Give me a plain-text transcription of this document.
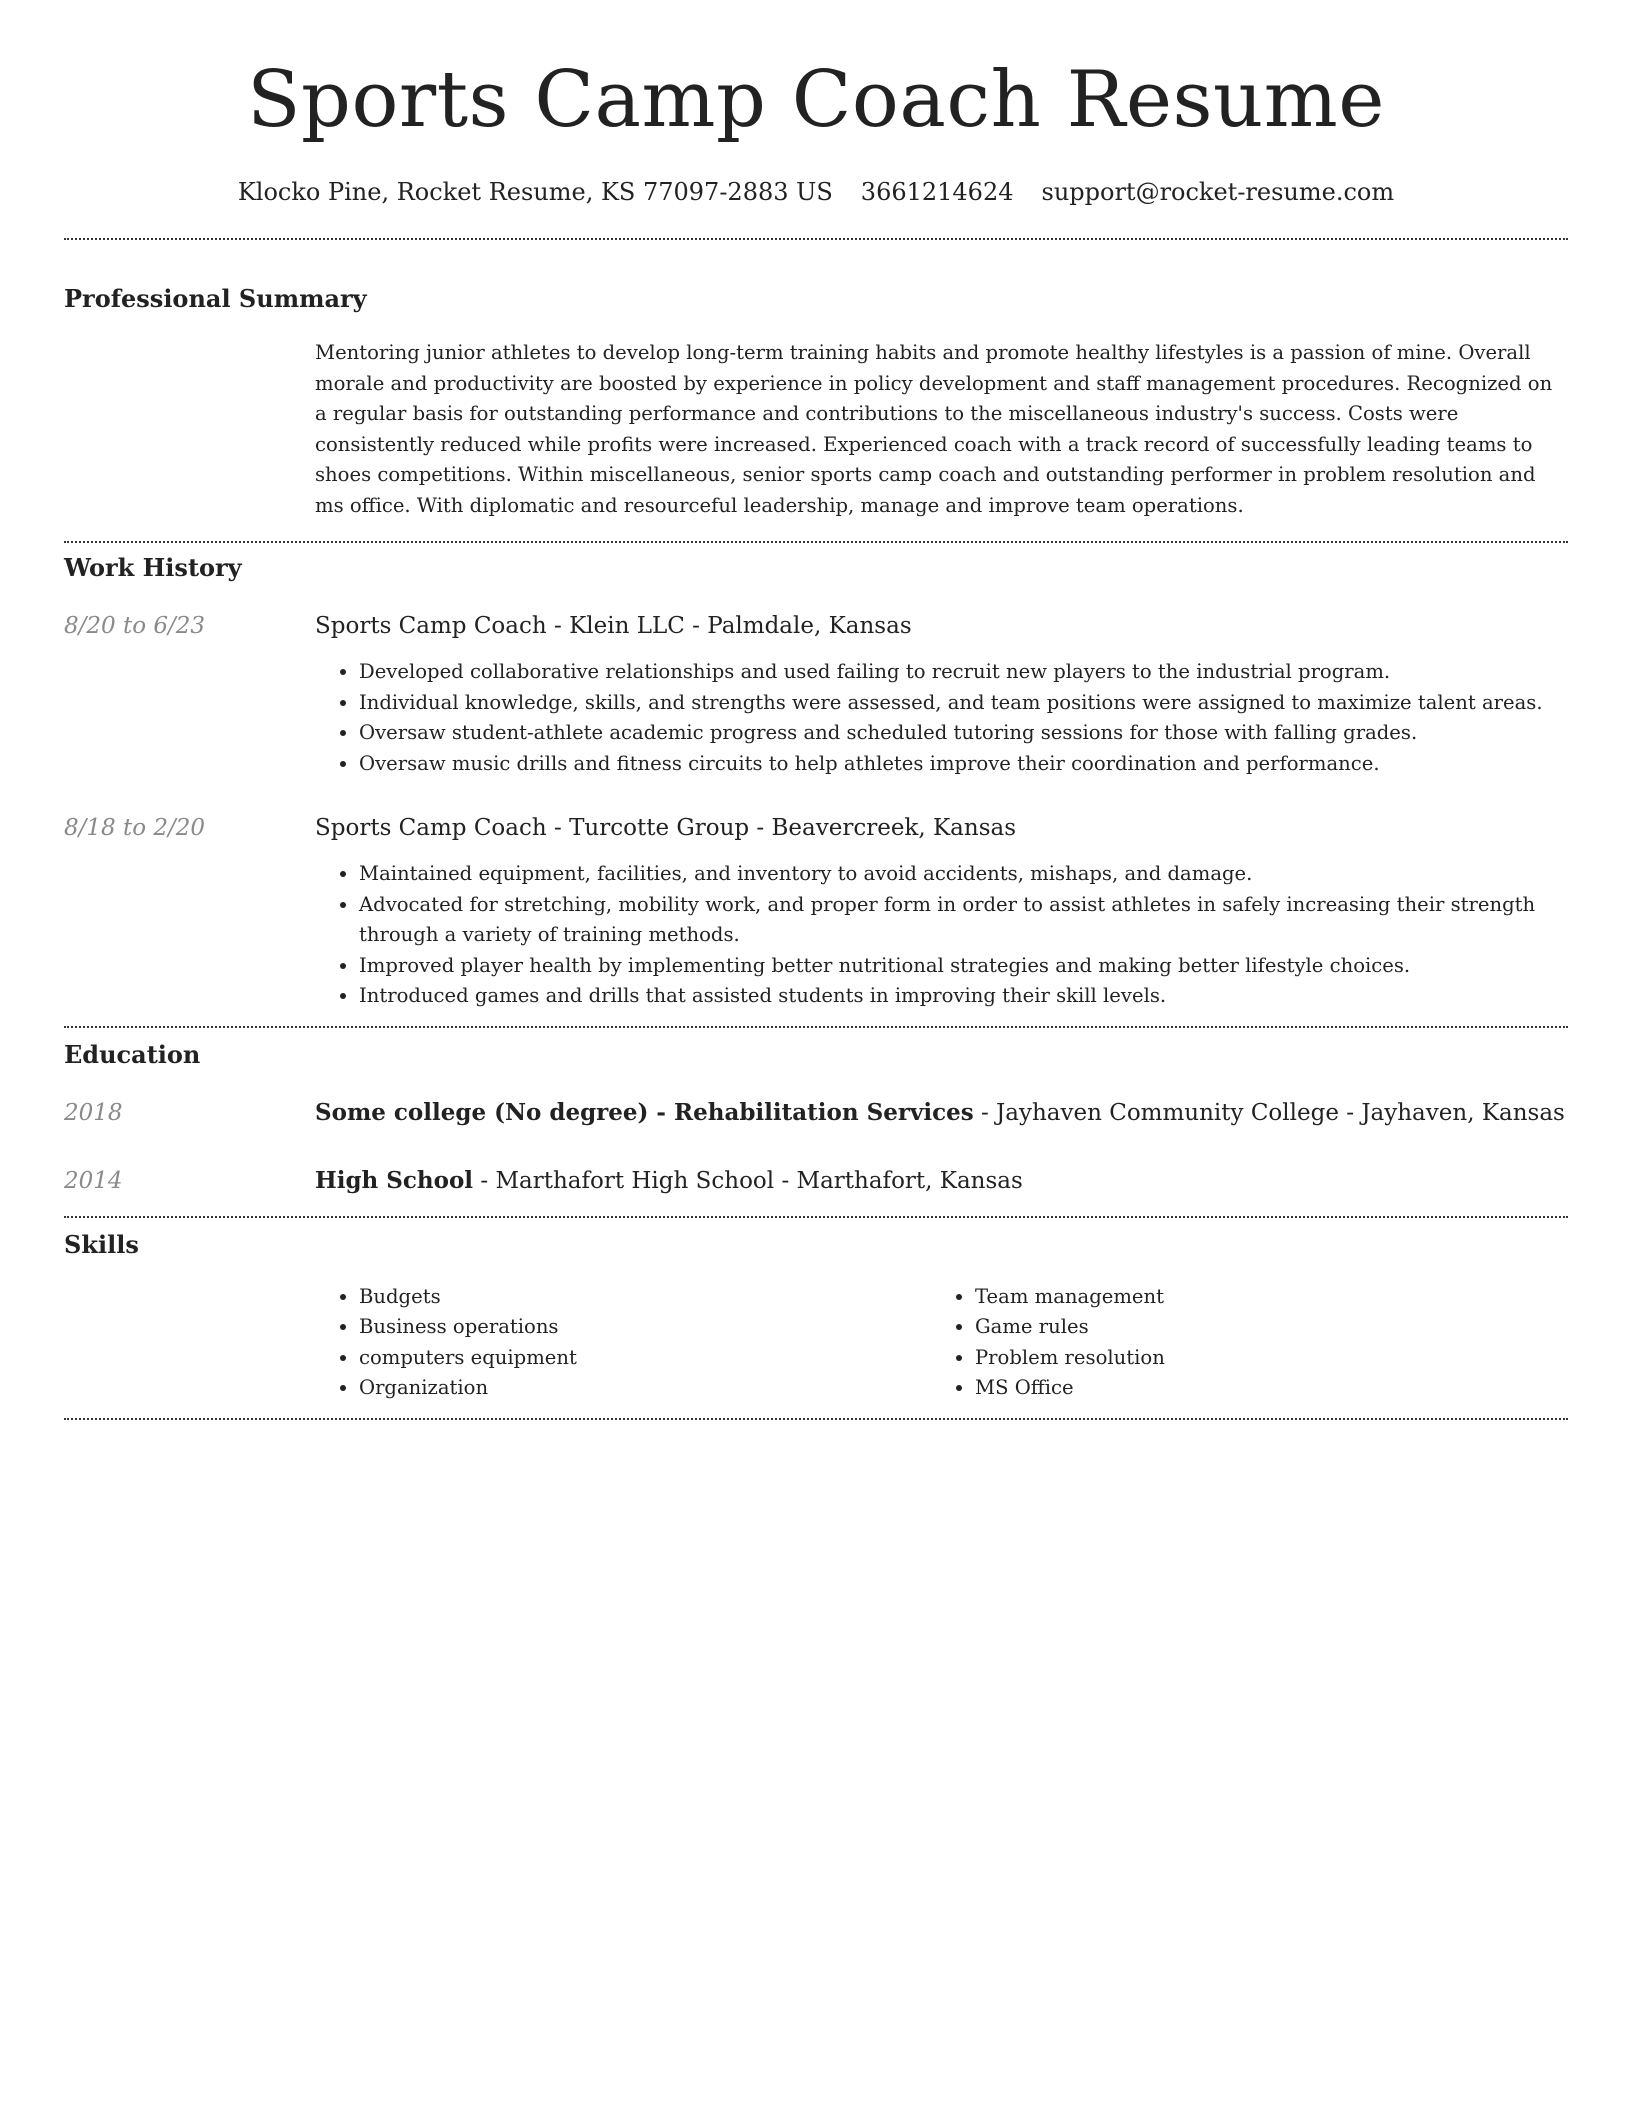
Sports Camp Coach Resume
Klocko Pine, Rocket Resume, KS 77097-2883 US 3661214624 support@rocket-resume.com
Professional Summary
Mentoring junior athletes to develop long-term training habits and promote healthy lifestyles is a passion of mine. Overall morale and productivity are boosted by experience in policy development and staff management procedures. Recognized on a regular basis for outstanding performance and contributions to the miscellaneous industry's success. Costs were consistently reduced while profits were increased. Experienced coach with a track record of successfully leading teams to shoes competitions. Within miscellaneous, senior sports camp coach and outstanding performer in problem resolution and ms office. With diplomatic and resourceful leadership, manage and improve team operations.
Work History
8/20 to 6/23	Sports Camp Coach - Klein LLC - Palmdale, Kansas
• Developed collaborative relationships and used failing to recruit new players to the industrial program.
• Individual knowledge, skills, and strengths were assessed, and team positions were assigned to maximize talent areas.
• Oversaw student-athlete academic progress and scheduled tutoring sessions for those with falling grades.
• Oversaw music drills and fitness circuits to help athletes improve their coordination and performance.
8/18 to 2/20	Sports Camp Coach - Turcotte Group - Beavercreek, Kansas
• Maintained equipment, facilities, and inventory to avoid accidents, mishaps, and damage.
• Advocated for stretching, mobility work, and proper form in order to assist athletes in safely increasing their strength through a variety of training methods.
• Improved player health by implementing better nutritional strategies and making better lifestyle choices.
• Introduced games and drills that assisted students in improving their skill levels.
Education
2018	Some college (No degree) - Rehabilitation Services - Jayhaven Community College - Jayhaven, Kansas
2014	High School - Marthafort High School - Marthafort, Kansas
Skills
• Budgets
• Business operations
• computers equipment
• Organization
• Team management
• Game rules
• Problem resolution
• MS Office
